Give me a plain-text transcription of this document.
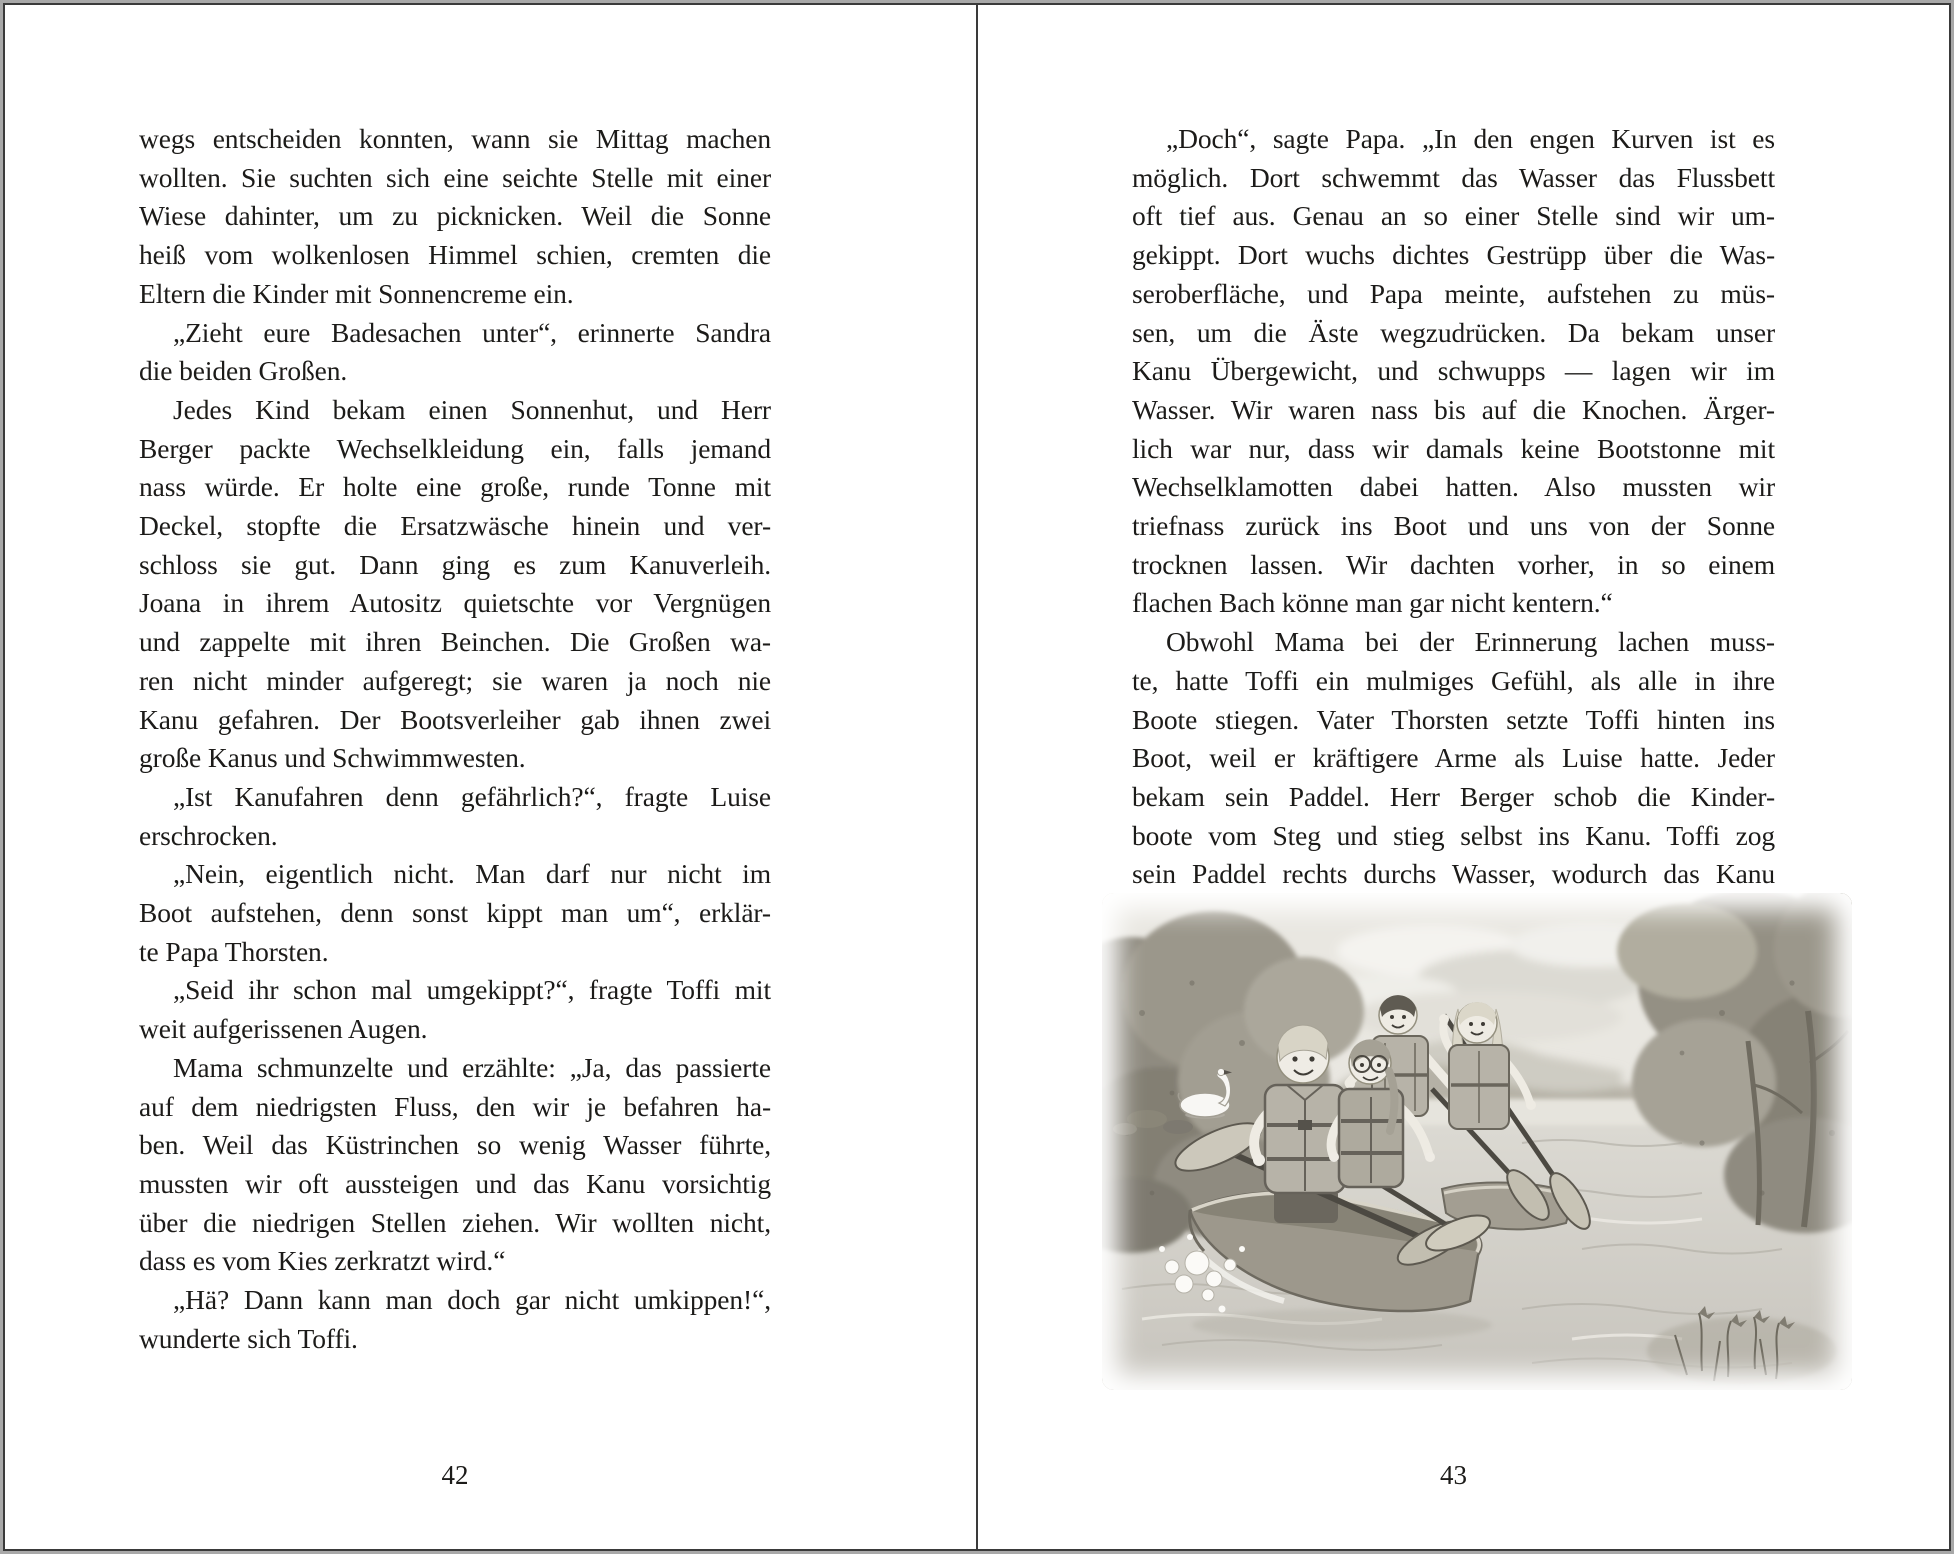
wegs entscheiden konnten, wann sie Mittag machen
wollten. Sie suchten sich eine seichte Stelle mit einer
Wiese dahinter, um zu picknicken. Weil die Sonne
heiß vom wolkenlosen Himmel schien, cremten die
Eltern die Kinder mit Sonnencreme ein.
„Zieht eure Badesachen unter“, erinnerte Sandra
die beiden Großen.
Jedes Kind bekam einen Sonnenhut, und Herr
Berger packte Wechselkleidung ein, falls jemand
nass würde. Er holte eine große, runde Tonne mit
Deckel, stopfte die Ersatzwäsche hinein und ver-
schloss sie gut. Dann ging es zum Kanuverleih.
Joana in ihrem Autositz quietschte vor Vergnügen
und zappelte mit ihren Beinchen. Die Großen wa-
ren nicht minder aufgeregt; sie waren ja noch nie
Kanu gefahren. Der Bootsverleiher gab ihnen zwei
große Kanus und Schwimmwesten.
„Ist Kanufahren denn gefährlich?“, fragte Luise
erschrocken.
„Nein, eigentlich nicht. Man darf nur nicht im
Boot aufstehen, denn sonst kippt man um“, erklär-
te Papa Thorsten.
„Seid ihr schon mal umgekippt?“, fragte Toffi mit
weit aufgerissenen Augen.
Mama schmunzelte und erzählte: „Ja, das passierte
auf dem niedrigsten Fluss, den wir je befahren ha-
ben. Weil das Küstrinchen so wenig Wasser führte,
mussten wir oft aussteigen und das Kanu vorsichtig
über die niedrigen Stellen ziehen. Wir wollten nicht,
dass es vom Kies zerkratzt wird.“
„Hä? Dann kann man doch gar nicht umkippen!“,
wunderte sich Toffi.
„Doch“, sagte Papa. „In den engen Kurven ist es
möglich. Dort schwemmt das Wasser das Flussbett
oft tief aus. Genau an so einer Stelle sind wir um-
gekippt. Dort wuchs dichtes Gestrüpp über die Was-
seroberfläche, und Papa meinte, aufstehen zu müs-
sen, um die Äste wegzudrücken. Da bekam unser
Kanu Übergewicht, und schwupps — lagen wir im
Wasser. Wir waren nass bis auf die Knochen. Ärger-
lich war nur, dass wir damals keine Bootstonne mit
Wechselklamotten dabei hatten. Also mussten wir
triefnass zurück ins Boot und uns von der Sonne
trocknen lassen. Wir dachten vorher, in so einem
flachen Bach könne man gar nicht kentern.“
Obwohl Mama bei der Erinnerung lachen muss-
te, hatte Toffi ein mulmiges Gefühl, als alle in ihre
Boote stiegen. Vater Thorsten setzte Toffi hinten ins
Boot, weil er kräftigere Arme als Luise hatte. Jeder
bekam sein Paddel. Herr Berger schob die Kinder-
boote vom Steg und stieg selbst ins Kanu. Toffi zog
sein Paddel rechts durchs Wasser, wodurch das Kanu
42	43
